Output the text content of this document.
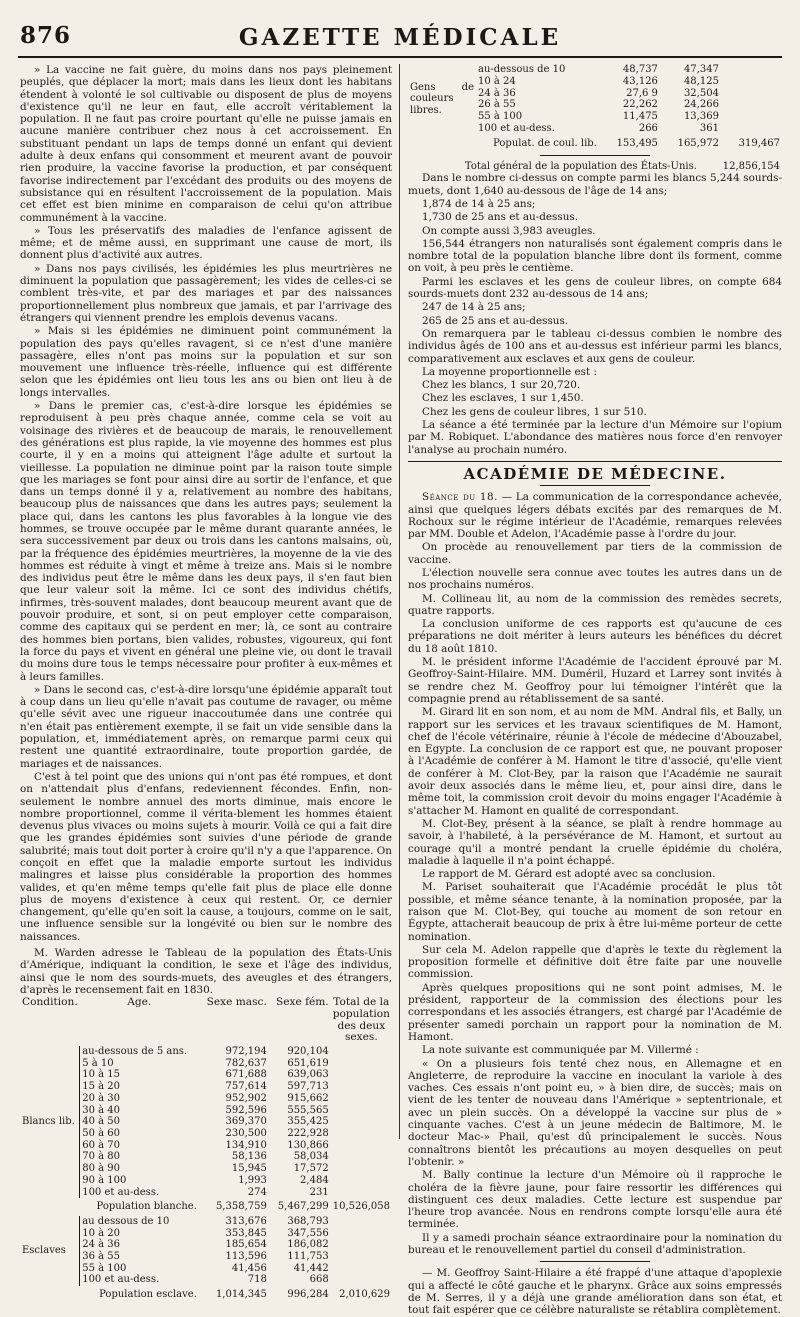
876	GAZETTE MÉDICALE

» La vaccine ne fait guère, du moins dans nos pays pleinement peuplés, que déplacer la mort; mais dans les lieux dont les habitans étendent à volonté le sol cultivable ou disposent de plus de moyens d'existence qu'il ne leur en faut, elle accroît véritablement la population. Il ne faut pas croire pourtant qu'elle ne puisse jamais en aucune manière contribuer chez nous à cet accroissement. En substituant pendant un laps de temps donné un enfant qui devient adulte à deux enfans qui consomment et meurent avant de pouvoir rien produire, la vaccine favorise la production, et par conséquent favorise indirectement par l'excédant des produits ou des moyens de subsistance qui en résultent l'accroissement de la population. Mais cet effet est bien minime en comparaison de celui qu'on attribue communément à la vaccine.

» Tous les préservatifs des maladies de l'enfance agissent de même; et de même aussi, en supprimant une cause de mort, ils donnent plus d'activité aux autres.

» Dans nos pays civilisés, les épidémies les plus meurtrières ne diminuent la population que passagèrement; les vides de celles-ci se comblent très-vite, et par des mariages et par des naissances proportionnellement plus nombreux que jamais, et par l'arrivage des étrangers qui viennent prendre les emplois devenus vacans.

» Mais si les épidémies ne diminuent point communément la population des pays qu'elles ravagent, si ce n'est d'une manière passagère, elles n'ont pas moins sur la population et sur son mouvement une influence très-réelle, influence qui est différente selon que les épidémies ont lieu tous les ans ou bien ont lieu à de longs intervalles.

» Dans le premier cas, c'est-à-dire lorsque les épidémies se reproduisent à peu près chaque année, comme cela se voit au voisinage des rivières et de beaucoup de marais, le renouvellement des générations est plus rapide, la vie moyenne des hommes est plus courte, il y en a moins qui atteignent l'âge adulte et surtout la vieillesse. La population ne diminue point par la raison toute simple que les mariages se font pour ainsi dire au sortir de l'enfance, et que dans un temps donné il y a, relativement au nombre des habitans, beaucoup plus de naissances que dans les autres pays; seulement la place qui, dans les cantons les plus favorables à la longue vie des hommes, se trouve occupée par le même durant quarante années, le sera successivement par deux ou trois dans les cantons malsains, où, par la fréquence des épidémies meurtrières, la moyenne de la vie des hommes est réduite à vingt et même à treize ans. Mais si le nombre des individus peut être le même dans les deux pays, il s'en faut bien que leur valeur soit la même. Ici ce sont des individus chétifs, infirmes, très-souvent malades, dont beaucoup meurent avant que de pouvoir produire, et sont, si on peut employer cette comparaison, comme des capitaux qui se perdent en mer; là, ce sont au contraire des hommes bien portans, bien valides, robustes, vigoureux, qui font la force du pays et vivent en général une pleine vie, ou dont le travail du moins dure tous le temps nécessaire pour profiter à eux-mêmes et à leurs familles.

» Dans le second cas, c'est-à-dire lorsqu'une épidémie apparaît tout à coup dans un lieu qu'elle n'avait pas coutume de ravager, ou même qu'elle sévit avec une rigueur inaccoutumée dans une contrée qui n'en était pas entièrement exempte, il se fait un vide sensible dans la population, et, immédiatement après, on remarque parmi ceux qui restent une quantité extraordinaire, toute proportion gardée, de mariages et de naissances.

C'est à tel point que des unions qui n'ont pas été rompues, et dont on n'attendait plus d'enfans, redeviennent fécondes. Enfin, non-seulement le nombre annuel des morts diminue, mais encore le nombre proportionnel, comme il vérita-blement les hommes étaient devenus plus vivaces ou moins sujets à mourir. Voilà ce qui a fait dire que les grandes épidémies sont suivies d'une période de grande salubrité; mais tout doit porter à croire qu'il n'y a que l'apparence. On conçoit en effet que la maladie emporte surtout les individus malingres et laisse plus considérable la proportion des hommes valides, et qu'en même temps qu'elle fait plus de place elle donne plus de moyens d'existence à ceux qui restent. Or, ce dernier changement, qu'elle qu'en soit la cause, a toujours, comme on le sait, une influence sensible sur la longévité ou bien sur le nombre des naissances.

M. Warden adresse le Tableau de la population des États-Unis d'Amérique, indiquant la condition, le sexe et l'âge des individus, ainsi que le nom des sourds-muets, des aveugles et des étrangers, d'après le recensement fait en 1830.

Condition.	Age.	Sexe masc.	Sexe fém.	Total de la population des deux sexes.
Blancs lib.	au-dessous de 5 ans.	972,194	920,104	
	5 à 10	782,637	651,619	
	10 à 15	671,688	639,063	
	15 à 20	757,614	597,713	
	20 à 30	952,902	915,662	
	30 à 40	592,596	555,565	
	40 à 50	369,370	355,425	
	50 à 60	230,500	222,928	
	60 à 70	134,910	130,866	
	70 à 80	58,136	58,034	
	80 à 90	15,945	17,572	
	90 à 100	1,993	2,484	
	100 et au-dess.	274	231	
Population blanche.		5,358,759	5,467,299	10,526,058
Esclaves	au dessous de 10	313,676	368,793	
	10 à 20	353,845	347,556	
	24 à 36	185,654	186,082	
	36 à 55	113,596	111,753	
	55 à 100	41,456	41,442	
	100 et au-dess.	718	668	
Population esclave.		1,014,345	996,284	2,010,629
Gens de couleurs libres.	au-dessous de 10	48,737	47,347	
	10 à 24	43,126	48,125	
	24 à 36	27,6 9	32,504	
	26 à 55	22,262	24,266	
	55 à 100	11,475	13,369	
	100 et au-dess.	266	361	
Populat. de coul. lib.		153,495	165,972	319,467
Total général de la population des États-Unis.	12,856,154

Dans le nombre ci-dessus on compte parmi les blancs 5,244 sourds-muets, dont 1,640 au-dessous de l'âge de 14 ans;

1,874 de 14 à 25 ans;

1,730 de 25 ans et au-dessus.

On compte aussi 3,983 aveugles.

156,544 étrangers non naturalisés sont également compris dans le nombre total de la population blanche libre dont ils forment, comme on voit, à peu près le centième.

Parmi les esclaves et les gens de couleur libres, on compte 684 sourds-muets dont 232 au-dessous de 14 ans;

247 de 14 à 25 ans;

265 de 25 ans et au-dessus.

On remarquera par le tableau ci-dessus combien le nombre des individus âgés de 100 ans et au-dessus est inférieur parmi les blancs, comparativement aux esclaves et aux gens de couleur.

La moyenne proportionnelle est :

Chez les blancs, 1 sur 20,720.

Chez les esclaves, 1 sur 1,450.

Chez les gens de couleur libres, 1 sur 510.

La séance a été terminée par la lecture d'un Mémoire sur l'opium par M. Robiquet. L'abondance des matières nous force d'en renvoyer l'analyse au prochain numéro.

ACADÉMIE DE MÉDECINE.

Séance du 18. — La communication de la correspondance achevée, ainsi que quelques légers débats excités par des remarques de M. Rochoux sur le régime intérieur de l'Académie, remarques relevées par MM. Double et Adelon, l'Académie passe à l'ordre du jour.

On procède au renouvellement par tiers de la commission de vaccine.

L'élection nouvelle sera connue avec toutes les autres dans un de nos prochains numéros.

M. Collineau lit, au nom de la commission des remèdes secrets, quatre rapports.

La conclusion uniforme de ces rapports est qu'aucune de ces préparations ne doit mériter à leurs auteurs les bénéfices du décret du 18 août 1810.

M. le président informe l'Académie de l'accident éprouvé par M. Geoffroy-Saint-Hilaire. MM. Duméril, Huzard et Larrey sont invités à se rendre chez M. Geoffroy pour lui témoigner l'intérêt que la compagnie prend au rétablissement de sa santé.

M. Girard lit en son nom, et au nom de MM. Andral fils, et Bally, un rapport sur les services et les travaux scientifiques de M. Hamont, chef de l'école vétérinaire, réunie à l'école de médecine d'Abouzabel, en Egypte. La conclusion de ce rapport est que, ne pouvant proposer à l'Académie de conférer à M. Hamont le titre d'associé, qu'elle vient de conférer à M. Clot-Bey, par la raison que l'Académie ne saurait avoir deux associés dans le même lieu, et, pour ainsi dire, dans le même toit, la commission croit devoir du moins engager l'Académie à s'attacher M. Hamont en qualité de correspondant.

M. Clot-Bey, présent à la séance, se plaît à rendre hommage au savoir, à l'habileté, à la persévérance de M. Hamont, et surtout au courage qu'il a montré pendant la cruelle épidémie du choléra, maladie à laquelle il n'a point échappé.

Le rapport de M. Gérard est adopté avec sa conclusion.

M. Pariset souhaiterait que l'Académie procédât le plus tôt possible, et même séance tenante, à la nomination proposée, par la raison que M. Clot-Bey, qui touche au moment de son retour en Égypte, attacherait beaucoup de prix à être lui-même porteur de cette nomination.

Sur cela M. Adelon rappelle que d'après le texte du règlement la proposition formelle et définitive doit être faite par une nouvelle commission.

Après quelques propositions qui ne sont point admises, M. le président, rapporteur de la commission des élections pour les correspondans et les associés étrangers, est chargé par l'Académie de présenter samedi porchain un rapport pour la nomination de M. Hamont.

La note suivante est communiquée par M. Villermé :

« On a plusieurs fois tenté chez nous, en Allemagne et en Angleterre, de reproduire la vaccine en inoculant la variole à des vaches. Ces essais n'ont point eu, » à bien dire, de succès; mais on vient de les tenter de nouveau dans l'Amérique » septentrionale, et avec un plein succès. On a développé la vaccine sur plus de » cinquante vaches. C'est à un jeune médecin de Baltimore, M. le docteur Mac-» Phail, qu'est dû principalement le succès. Nous connaîtrons bientôt les précautions au moyen desquelles on peut l'obtenir. »

M. Bally continue la lecture d'un Mémoire où il rapproche le choléra de la fièvre jaune, pour faire ressortir les différences qui distinguent ces deux maladies. Cette lecture est suspendue par l'heure trop avancée. Nous en rendrons compte lorsqu'elle aura été terminée.

Il y a samedi prochain séance extraordinaire pour la nomination du bureau et le renouvellement partiel du conseil d'administration.

— M. Geoffroy Saint-Hilaire a été frappé d'une attaque d'apoplexie qui a affecté le côté gauche et le pharynx. Grâce aux soins empressés de M. Serres, il y a déjà une grande amélioration dans son état, et tout fait espérer que ce célèbre naturaliste se rétablira complètement.
